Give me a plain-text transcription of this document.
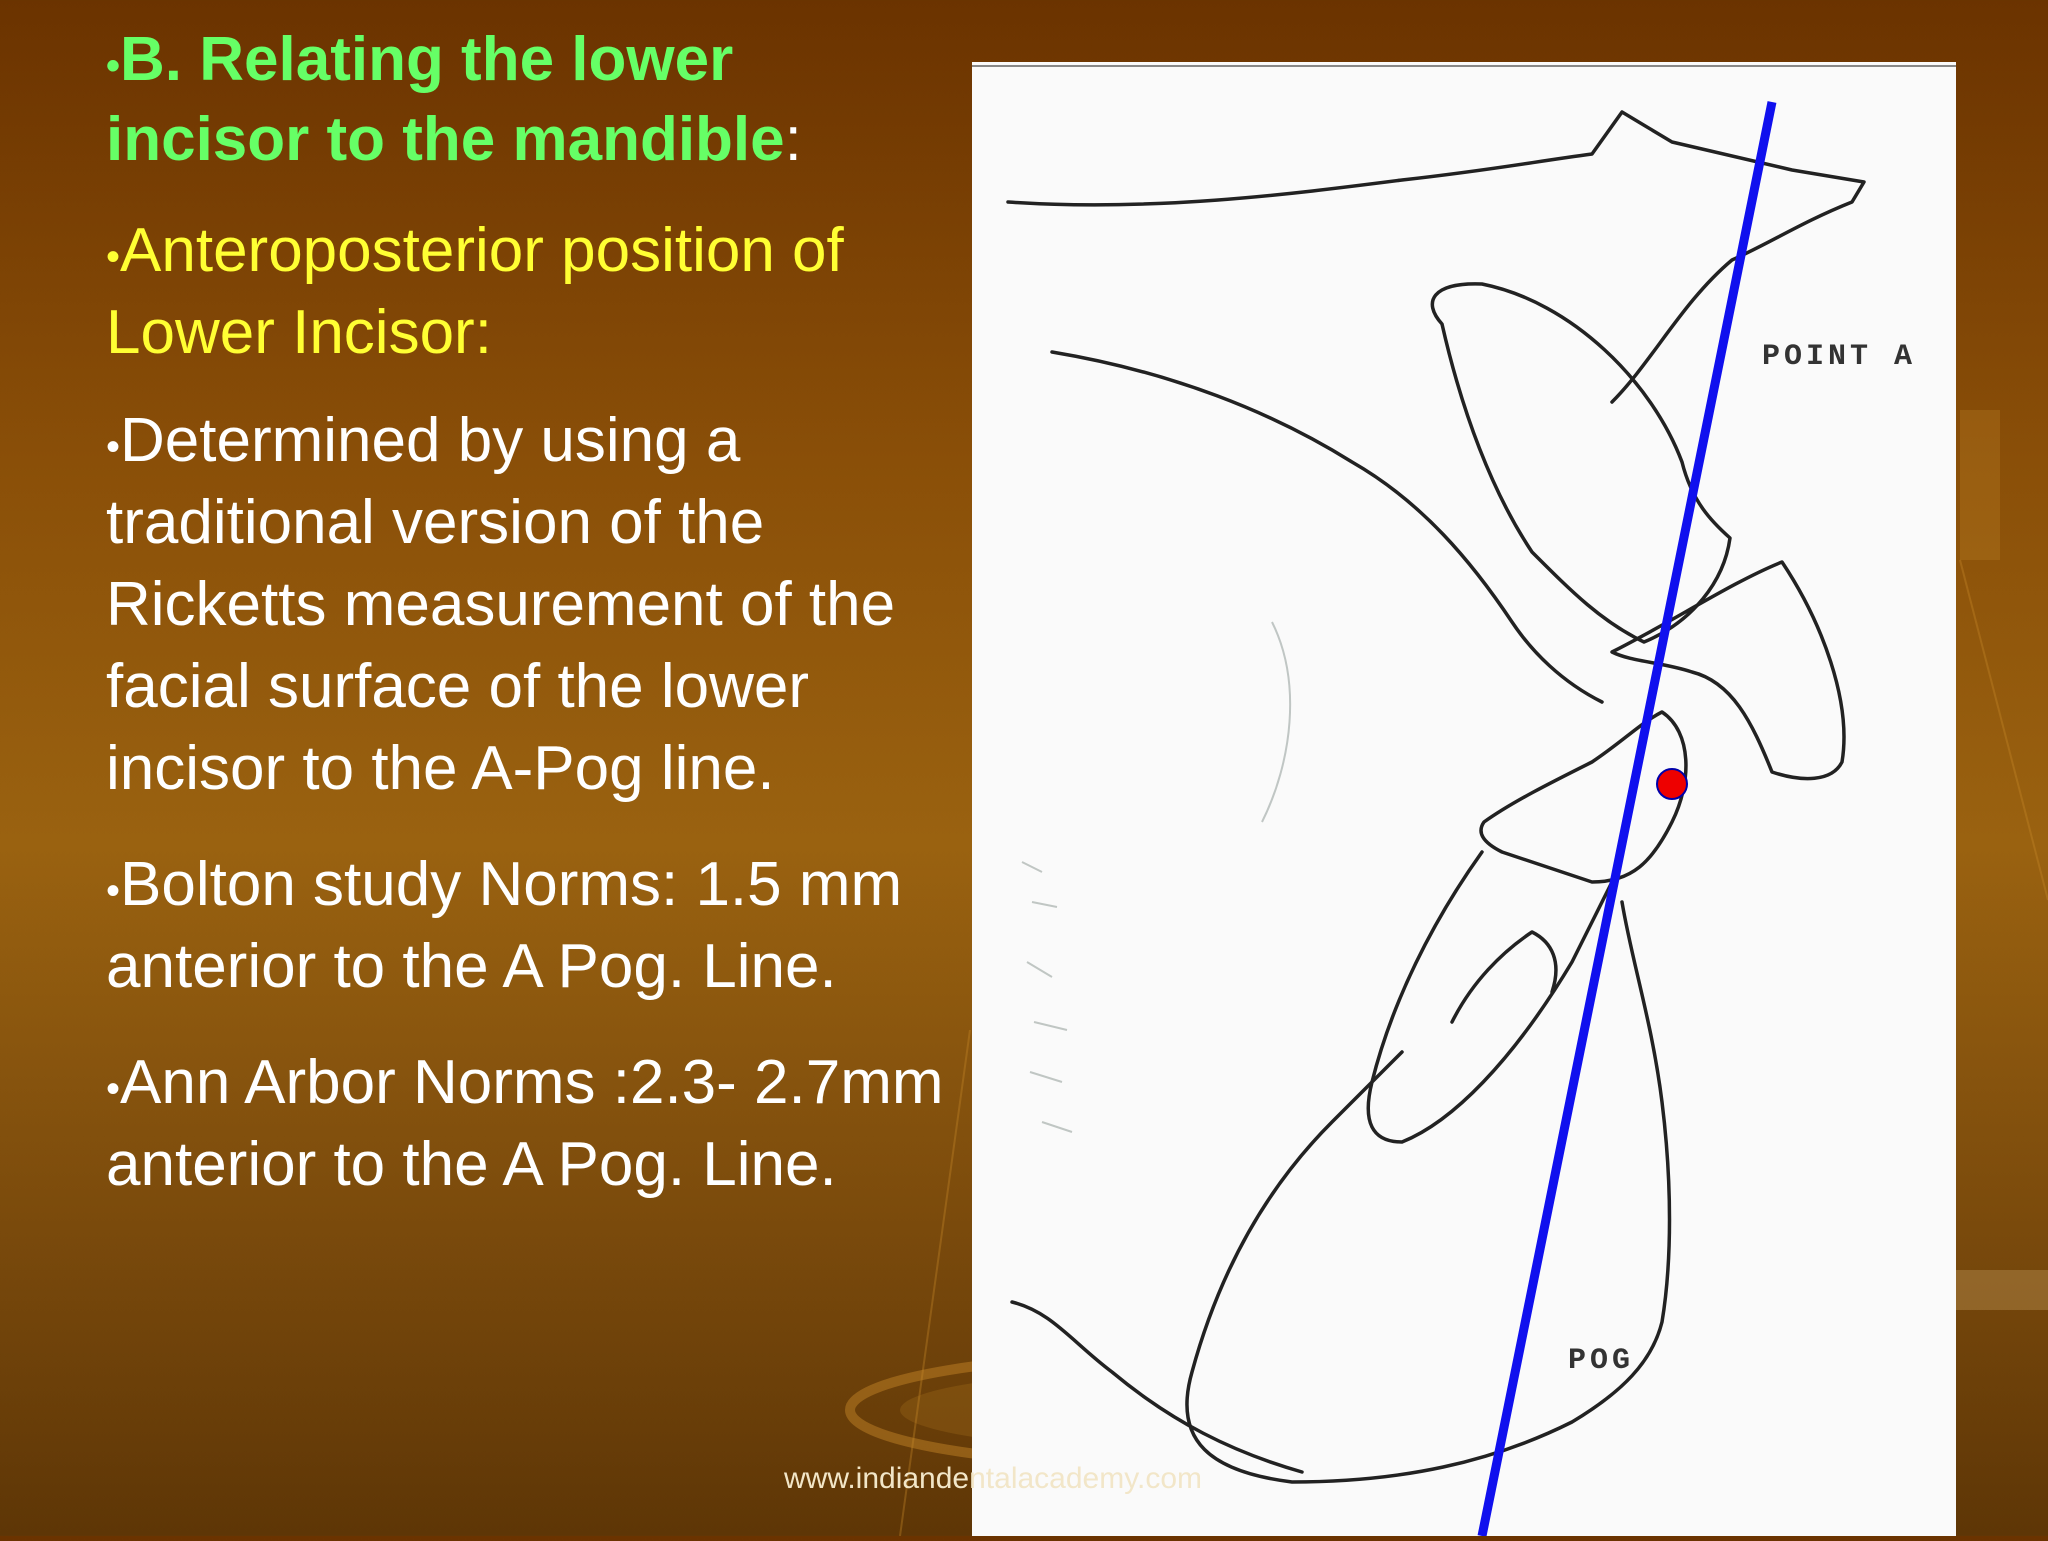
•B. Relating the lower
incisor to the mandible:
•Anteroposterior position of Lower Incisor:
•Determined by using a traditional version of the Ricketts measurement of the facial surface of the lower incisor to the A-Pog line.
•Bolton study Norms: 1.5 mm anterior to the A Pog. Line.
•Ann Arbor Norms :2.3- 2.7mm anterior to the A Pog. Line.
POINT A
POG
www.indiandentalacademy.com
